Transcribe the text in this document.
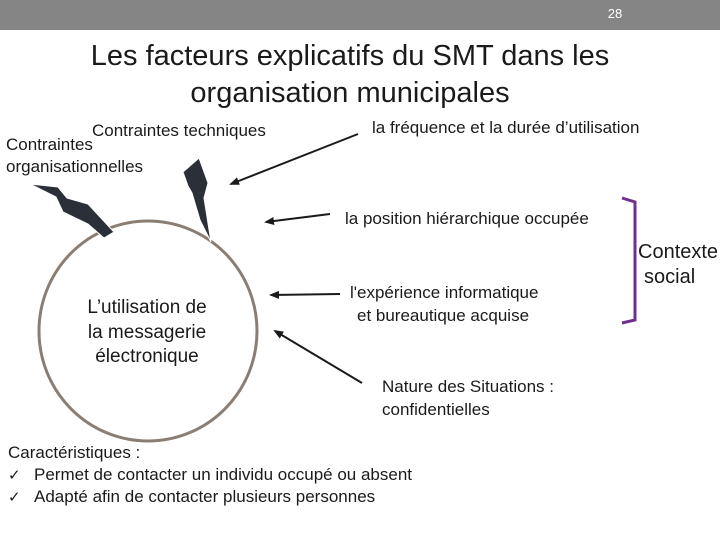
28
Les facteurs explicatifs du SMT dans les
organisation municipales
L’utilisation de
la messagerie
électronique
Contraintes techniques
Contraintes
organisationnelles
la fréquence et la durée d’utilisation
la position hiérarchique occupée
l'expérience informatique
et bureautique acquise
Nature des Situations :
confidentielles
Contexte
social
Caractéristiques :
✓ Permet de contacter un individu occupé ou absent
✓ Adapté afin de contacter plusieurs personnes
